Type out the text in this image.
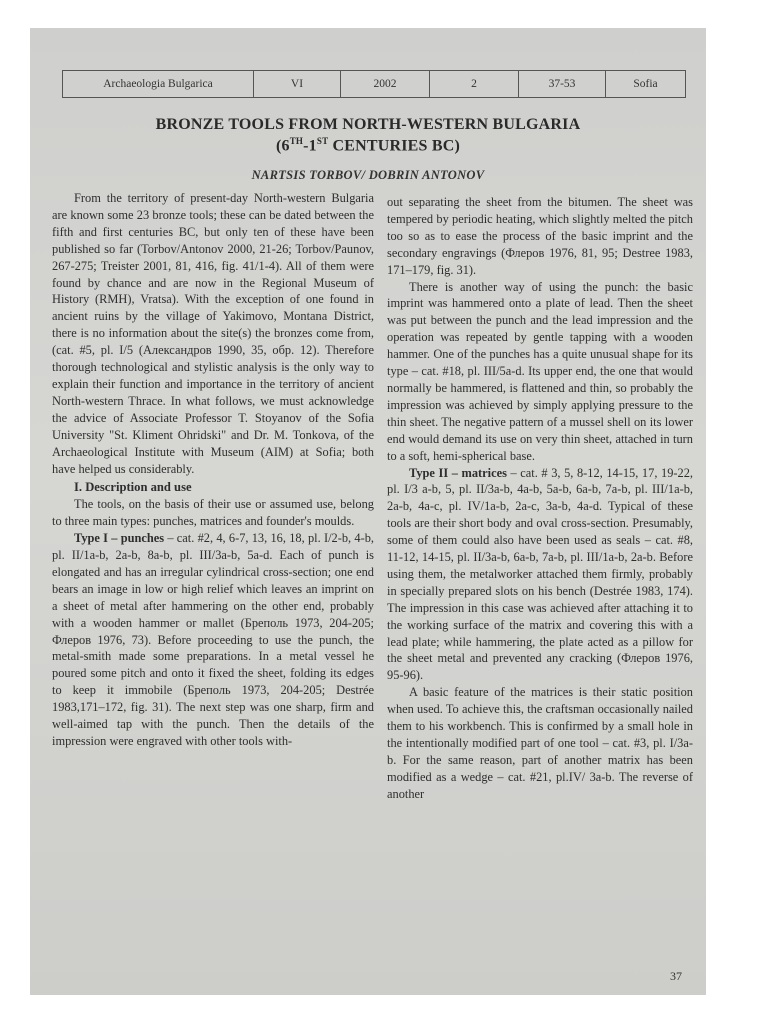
Archaeologia Bulgarica	VI	2002	2	37-53	Sofia
BRONZE TOOLS FROM NORTH-WESTERN BULGARIA
(6TH-1ST CENTURIES BC)
NARTSIS TORBOV/ DOBRIN ANTONOV

From the territory of present-day North-western Bulgaria are known some 23 bronze tools; these can be dated between the fifth and first centuries BC, but only ten of these have been published so far (Torbov/Antonov 2000, 21-26; Torbov/Paunov, 267-275; Treister 2001, 81, 416, fig. 41/1-4). All of them were found by chance and are now in the Regional Museum of History (RMH), Vratsa). With the exception of one found in ancient ruins by the village of Yakimovo, Montana District, there is no information about the site(s) the bronzes come from, (cat. #5, pl. I/5 (Александров 1990, 35, обр. 12). Therefore thorough technological and stylistic analysis is the only way to explain their function and importance in the territory of ancient North-western Thrace. In what follows, we must acknowledge the advice of Associate Professor T. Stoyanov of the Sofia University "St. Kliment Ohridski" and Dr. M. Tonkova, of the Archaeological Institute with Museum (AIM) at Sofia; both have helped us considerably.

I. Description and use

The tools, on the basis of their use or assumed use, belong to three main types: punches, matrices and founder's moulds.

Type I – punches – cat. #2, 4, 6-7, 13, 16, 18, pl. I/2-b, 4-b, pl. II/1a-b, 2a-b, 8a-b, pl. III/3a-b, 5a-d. Each of punch is elongated and has an irregular cylindrical cross-section; one end bears an image in low or high relief which leaves an imprint on a sheet of metal after hammering on the other end, probably with a wooden hammer or mallet (Бреполь 1973, 204-205; Флеров 1976, 73). Before proceeding to use the punch, the metal-smith made some preparations. In a metal vessel he poured some pitch and onto it fixed the sheet, folding its edges to keep it immobile (Бреполь 1973, 204-205; Destrée 1983,171–172, fig. 31). The next step was one sharp, firm and well-aimed tap with the punch. Then the details of the impression were engraved with other tools with-

out separating the sheet from the bitumen. The sheet was tempered by periodic heating, which slightly melted the pitch too so as to ease the process of the basic imprint and the secondary engravings (Флеров 1976, 81, 95; Destree 1983, 171–179, fig. 31).

There is another way of using the punch: the basic imprint was hammered onto a plate of lead. Then the sheet was put between the punch and the lead impression and the operation was repeated by gentle tapping with a wooden hammer. One of the punches has a quite unusual shape for its type – cat. #18, pl. III/5a-d. Its upper end, the one that would normally be hammered, is flattened and thin, so probably the impression was achieved by simply applying pressure to the thin sheet. The negative pattern of a mussel shell on its lower end would demand its use on very thin sheet, attached in turn to a soft, hemi-spherical base.

Type II – matrices – cat. # 3, 5, 8-12, 14-15, 17, 19-22, pl. I/3 a-b, 5, pl. II/3a-b, 4a-b, 5a-b, 6a-b, 7a-b, pl. III/1a-b, 2a-b, 4a-c, pl. IV/1a-b, 2a-c, 3a-b, 4a-d. Typical of these tools are their short body and oval cross-section. Presumably, some of them could also have been used as seals – cat. #8, 11-12, 14-15, pl. II/3a-b, 6a-b, 7a-b, pl. III/1a-b, 2a-b. Before using them, the metalworker attached them firmly, probably in specially prepared slots on his bench (Destrée 1983, 174). The impression in this case was achieved after attaching it to the working surface of the matrix and covering this with a lead plate; while hammering, the plate acted as a pillow for the sheet metal and prevented any cracking (Флеров 1976, 95-96).

A basic feature of the matrices is their static position when used. To achieve this, the craftsman occasionally nailed them to his workbench. This is confirmed by a small hole in the intentionally modified part of one tool – cat. #3, pl. I/3a-b. For the same reason, part of another matrix has been modified as a wedge – cat. #21, pl.IV/ 3a-b. The reverse of another

37
